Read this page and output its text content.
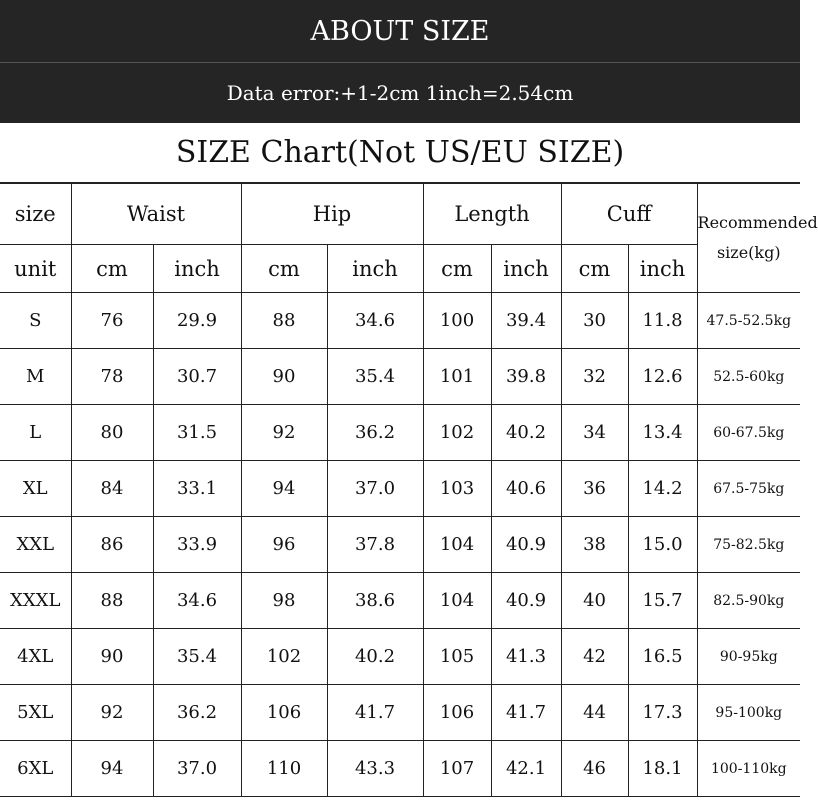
ABOUT SIZE
Data error:+1-2cm 1inch=2.54cm
SIZE Chart(Not US/EU SIZE)
size	Waist		Hip		Length		Cuff		Recommended size(kg)
unit	cm	inch	cm	inch	cm	inch	cm	inch	
S	76	29.9	88	34.6	100	39.4	30	11.8	47.5-52.5kg
M	78	30.7	90	35.4	101	39.8	32	12.6	52.5-60kg
L	80	31.5	92	36.2	102	40.2	34	13.4	60-67.5kg
XL	84	33.1	94	37.0	103	40.6	36	14.2	67.5-75kg
XXL	86	33.9	96	37.8	104	40.9	38	15.0	75-82.5kg
XXXL	88	34.6	98	38.6	104	40.9	40	15.7	82.5-90kg
4XL	90	35.4	102	40.2	105	41.3	42	16.5	90-95kg
5XL	92	36.2	106	41.7	106	41.7	44	17.3	95-100kg
6XL	94	37.0	110	43.3	107	42.1	46	18.1	100-110kg
